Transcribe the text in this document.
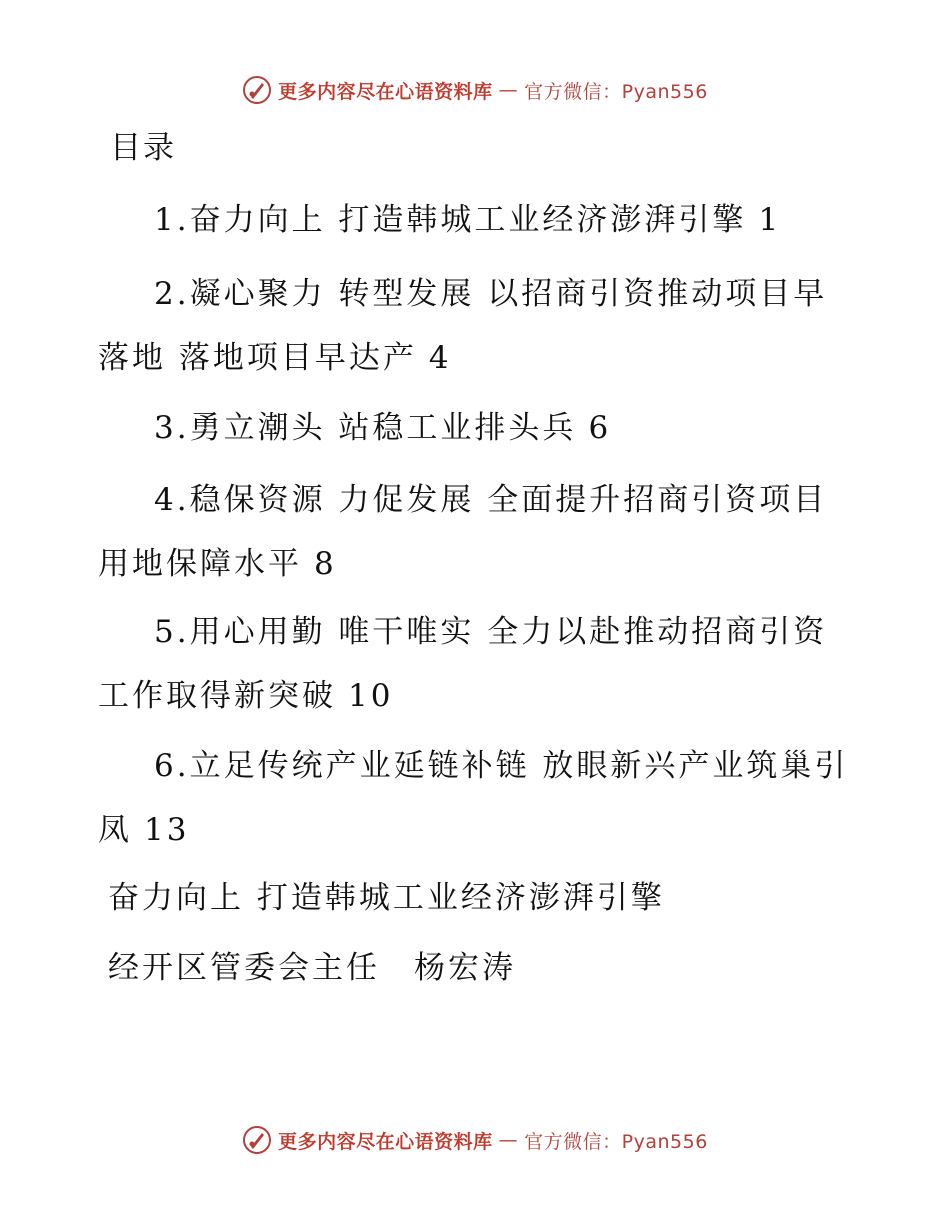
更多内容尽在心语资料库 — 官方微信：Pyan556
目录
1.奋力向上 打造韩城工业经济澎湃引擎 1
2.凝心聚力 转型发展 以招商引资推动项目早落地 落地项目早达产 4
3.勇立潮头 站稳工业排头兵 6
4.稳保资源 力促发展 全面提升招商引资项目用地保障水平 8
5.用心用勤 唯干唯实 全力以赴推动招商引资工作取得新突破 10
6.立足传统产业延链补链 放眼新兴产业筑巢引凤 13
奋力向上 打造韩城工业经济澎湃引擎
经开区管委会主任 杨宏涛
更多内容尽在心语资料库 — 官方微信：Pyan556
